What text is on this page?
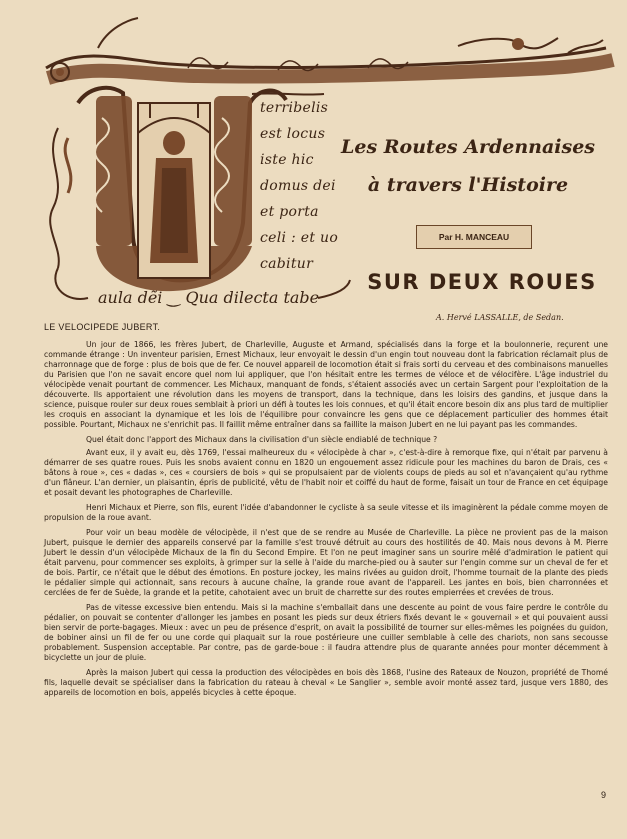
terribelis
est locus
iste hic
domus dei
et porta
celi : et uo
cabitur
aula dẽi ‿ Qua dilecta tabe
Les Routes Ardennaises
à travers l'Histoire
Par H. MANCEAU
SUR DEUX ROUES
A. Hervé LASSALLE, de Sedan.
LE VELOCIPEDE JUBERT.

Un jour de 1866, les frères Jubert, de Charleville, Auguste et Armand, spécialisés dans la forge et la boulonnerie, reçurent une commande étrange : Un inventeur parisien, Ernest Michaux, leur envoyait le dessin d'un engin tout nouveau dont la fabrication réclamait plus de charronnage que de forge : plus de bois que de fer. Ce nouvel appareil de locomotion était si frais sorti du cerveau et des combinaisons manuelles du Parisien que l'on ne savait encore quel nom lui appliquer, que l'on hésitait entre les termes de véloce et de vélocifère. L'âge industriel du vélocipède venait pourtant de commencer. Les Michaux, manquant de fonds, s'étaient associés avec un certain Sargent pour l'exploitation de la découverte. Ils apportaient une révolution dans les moyens de transport, dans la technique, dans les loisirs des gandins, et jusque dans la science, puisque rouler sur deux roues semblait à priori un défi à toutes les lois connues, et qu'il était encore besoin dix ans plus tard de multiplier les croquis en associant la dynamique et les lois de l'équilibre pour convaincre les gens que ce déplacement particulier des hommes était possible. Pourtant, Michaux ne s'enrichit pas. Il faillit même entraîner dans sa faillite la maison Jubert en ne lui payant pas les commandes.

Quel était donc l'apport des Michaux dans la civilisation d'un siècle endiablé de technique ?

Avant eux, il y avait eu, dès 1769, l'essai malheureux du « vélocipède à char », c'est-à-dire à remorque fixe, qui n'était par parvenu à démarrer de ses quatre roues. Puis les snobs avaient connu en 1820 un engouement assez ridicule pour les machines du baron de Drais, ces « bâtons à roue », ces « dadas », ces « coursiers de bois » qui se propulsaient par de violents coups de pieds au sol et n'avançaient qu'au rythme d'un flâneur. L'an dernier, un plaisantin, épris de publicité, vêtu de l'habit noir et coiffé du haut de forme, faisait un tour de France en cet équipage et posait devant les photographes de Charleville.

Henri Michaux et Pierre, son fils, eurent l'idée d'abandonner le cycliste à sa seule vitesse et ils imaginèrent la pédale comme moyen de propulsion de la roue avant.

Pour voir un beau modèle de vélocipède, il n'est que de se rendre au Musée de Charleville. La pièce ne provient pas de la maison Jubert, puisque le dernier des appareils conservé par la famille s'est trouvé détruit au cours des hostilités de 40. Mais nous devons à M. Pierre Jubert le dessin d'un vélocipède Michaux de la fin du Second Empire. Et l'on ne peut imaginer sans un sourire mêlé d'admiration le patient qui était parvenu, pour commencer ses exploits, à grimper sur la selle à l'aide du marche-pied ou à sauter sur l'engin comme sur un cheval de fer et de bois. Partir, ce n'était que le début des émotions. En posture jockey, les mains rivées au guidon droit, l'homme tournait de la plante des pieds le pédalier simple qui actionnait, sans recours à aucune chaîne, la grande roue avant de l'appareil. Les jantes en bois, bien charronnées et cerclées de fer de Suède, la grande et la petite, cahotaient avec un bruit de charrette sur des routes empierrées et crevées de trous.

Pas de vitesse excessive bien entendu. Mais si la machine s'emballait dans une descente au point de vous faire perdre le contrôle du pédalier, on pouvait se contenter d'allonger les jambes en posant les pieds sur deux étriers fixés devant le « gouvernail » et qui pouvaient aussi bien servir de porte-bagages. Mieux : avec un peu de présence d'esprit, on avait la possibilité de tourner sur elles-mêmes les poignées du guidon, de bobiner ainsi un fil de fer ou une corde qui plaquait sur la roue postérieure une cuiller semblable à celle des chariots, non sans secousse probablement. Suspension acceptable. Par contre, pas de garde-boue : il faudra attendre plus de quarante années pour monter décemment à bicyclette un jour de pluie.

Après la maison Jubert qui cessa la production des vélocipèdes en bois dès 1868, l'usine des Rateaux de Nouzon, propriété de Thomé fils, laquelle devait se spécialiser dans la fabrication du rateau à cheval « Le Sanglier », semble avoir monté assez tard, jusque vers 1880, des appareils de locomotion en bois, appelés bicycles à cette époque.

9
